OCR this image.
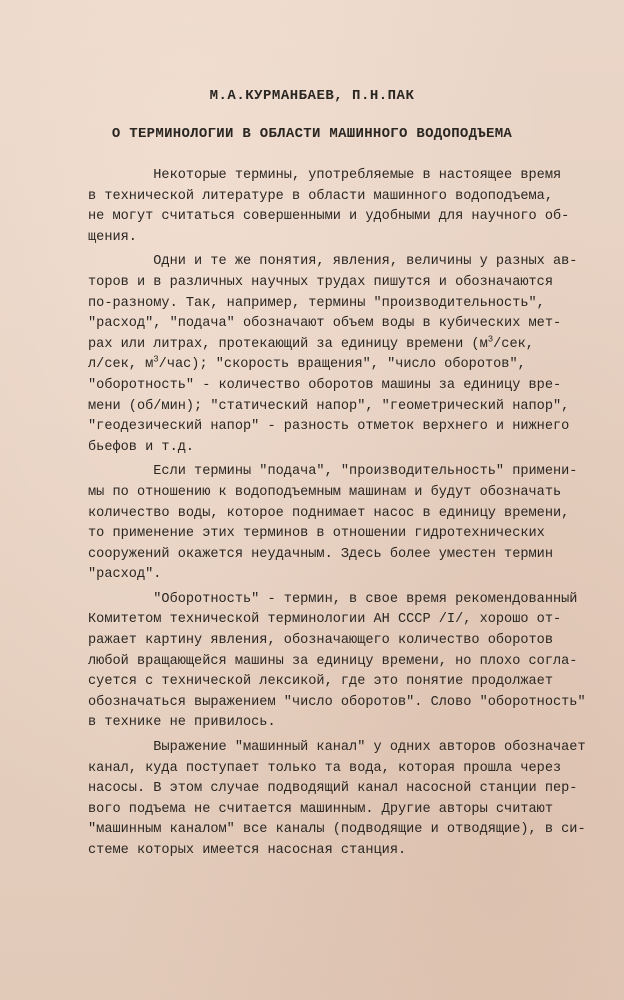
М.А.КУРМАНБАЕВ, П.Н.ПАК
О ТЕРМИНОЛОГИИ В ОБЛАСТИ МАШИННОГО ВОДОПОДЪЕМА
Некоторые термины, употребляемые в настоящее время
в технической литературе в области машинного водоподъема,
не могут считаться совершенными и удобными для научного об-
щения.
Одни и те же понятия, явления, величины у разных ав-
торов и в различных научных трудах пишутся и обозначаются
по-разному. Так, например, термины "производительность",
"расход", "подача" обозначают объем воды в кубических мет-
рах или литрах, протекающий за единицу времени ($м^3$/сек,
л/сек, $м^3/час$); "скорость вращения", "число оборотов",
"оборотность" - количество оборотов машины за единицу вре-
мени (об/мин); "статический напор", "геометрический напор",
"геодезический напор" - разность отметок верхнего и нижнего
бьефов и т.д.
Если термины "подача", "производительность" примени-
мы по отношению к водоподъемным машинам и будут обозначать
количество воды, которое поднимает насос в единицу времени,
то применение этих терминов в отношении гидротехнических
сооружений окажется неудачным. Здесь более уместен термин
"расход".
"Оборотность" - термин, в свое время рекомендованный
Комитетом технической терминологии АН СССР /I/, хорошо от-
ражает картину явления, обозначающего количество оборотов
любой вращающейся машины за единицу времени, но плохо согла-
суется с технической лексикой, где это понятие продолжает
обозначаться выражением "число оборотов". Слово "оборотность"
в технике не привилось.
Выражение "машинный канал" у одних авторов обозначает
канал, куда поступает только та вода, которая прошла через
насосы. В этом случае подводящий канал насосной станции пер-
вого подъема не считается машинным. Другие авторы считают
"машинным каналом" все каналы (подводящие и отводящие), в си-
стеме которых имеется насосная станция.
